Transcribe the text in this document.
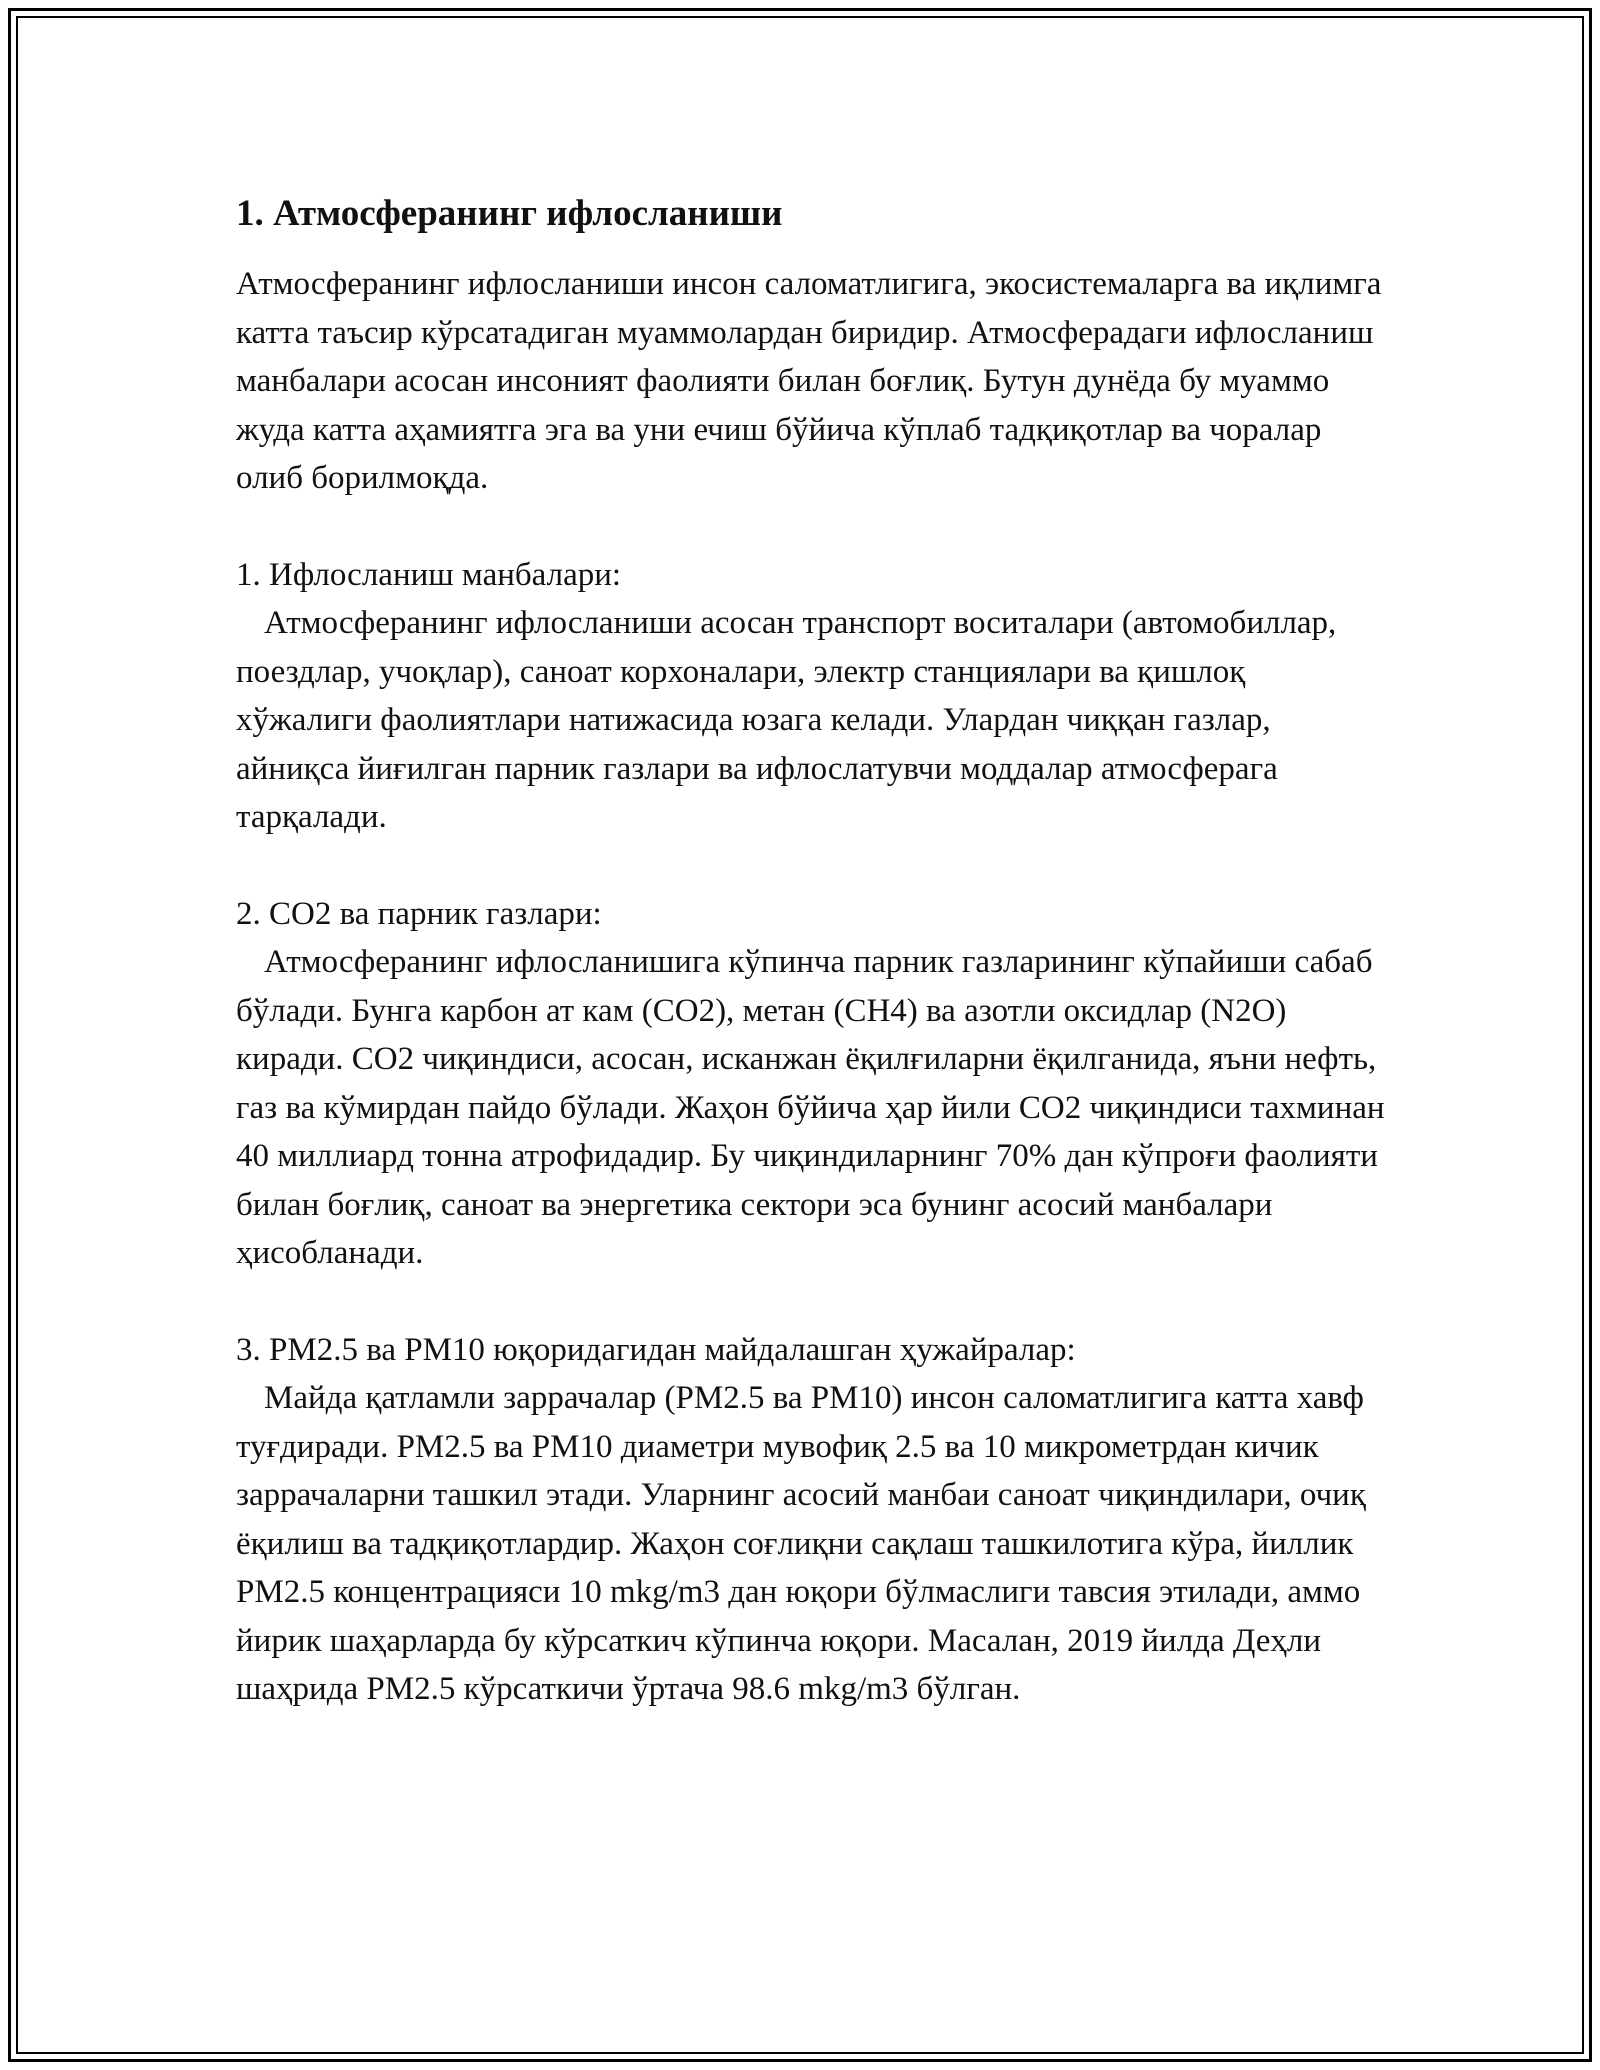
1. Атмосферанинг ифлосланиши

Атмосферанинг ифлосланиши инсон саломатлигига, экосистемаларга ва иқлимга катта таъсир кўрсатадиган муаммолардан биридир. Атмосферадаги ифлосланиш манбалари асосан инсоният фаолияти билан боғлиқ. Бутун дунёда бу муаммо жуда катта аҳамиятга эга ва уни ечиш бўйича кўплаб тадқиқотлар ва чоралар олиб борилмоқда.

1. Ифлосланиш манбалари:
Атмосферанинг ифлосланиши асосан транспорт воситалари (автомобиллар, поездлар, учоқлар), саноат корхоналари, электр станциялари ва қишлоқ хўжалиги фаолиятлари натижасида юзага келади. Улардан чиққан газлар, айниқса йиғилган парник газлари ва ифлослатувчи моддалар атмосферага тарқалади.
2. CO2 ва парник газлари:
Атмосферанинг ифлосланишига кўпинча парник газларининг кўпайиши сабаб бўлади. Бунга карбон ат кам (CO2), метан (CH4) ва азотли оксидлар (N2O) киради. CO2 чиқиндиси, асосан, исканжан ёқилғиларни ёқилганида, яъни нефть, газ ва кўмирдан пайдо бўлади. Жаҳон бўйича ҳар йили CO2 чиқиндиси тахминан 40 миллиард тонна атрофидадир. Бу чиқиндиларнинг 70% дан кўпроғи фаолияти билан боғлиқ, саноат ва энергетика сектори эса бунинг асосий манбалари ҳисобланади.
3. PM2.5 ва PM10 юқоридагидан майдалашган ҳужайралар:
Майда қатламли заррачалар (PM2.5 ва PM10) инсон саломатлигига катта хавф туғдиради. PM2.5 ва PM10 диаметри мувофиқ 2.5 ва 10 микрометрдан кичик заррачаларни ташкил этади. Уларнинг асосий манбаи саноат чиқиндилари, очиқ ёқилиш ва тадқиқотлардир. Жаҳон соғлиқни сақлаш ташкилотига кўра, йиллик PM2.5 концентрацияси 10 mkg/m3 дан юқори бўлмаслиги тавсия этилади, аммо йирик шаҳарларда бу кўрсаткич кўпинча юқори. Масалан, 2019 йилда Деҳли шаҳрида PM2.5 кўрсаткичи ўртача 98.6 mkg/m3 бўлган.
